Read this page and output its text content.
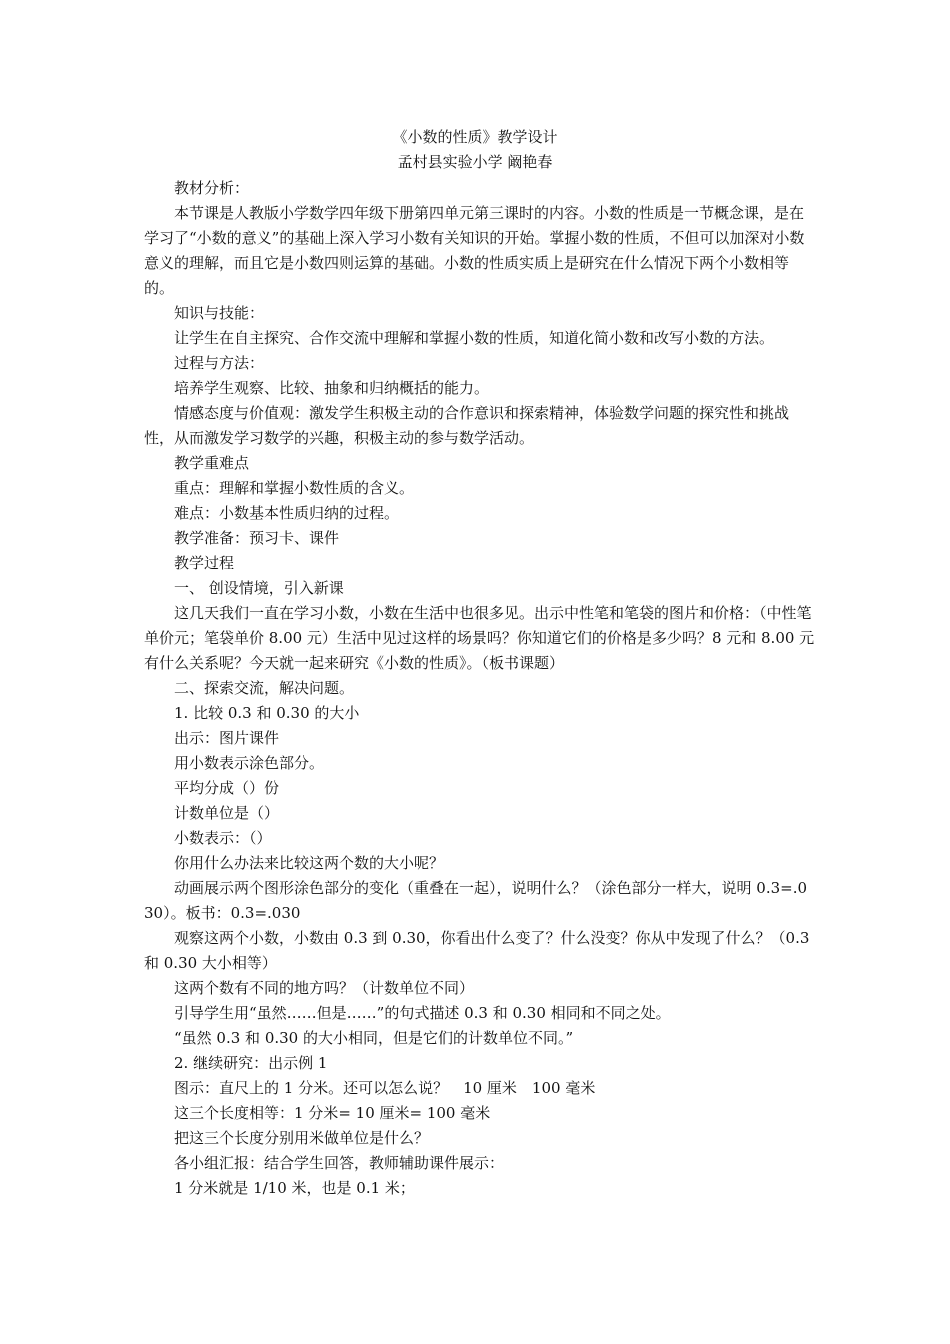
《小数的性质》教学设计
孟村县实验小学 阚艳春

教材分析：

本节课是人教版小学数学四年级下册第四单元第三课时的内容。小数的性质是一节概念课，是在学习了“小数的意义”的基础上深入学习小数有关知识的开始。掌握小数的性质，不但可以加深对小数意义的理解，而且它是小数四则运算的基础。小数的性质实质上是研究在什么情况下两个小数相等的。

知识与技能：

让学生在自主探究、合作交流中理解和掌握小数的性质，知道化简小数和改写小数的方法。

过程与方法：

培养学生观察、比较、抽象和归纳概括的能力。

情感态度与价值观：激发学生积极主动的合作意识和探索精神，体验数学问题的探究性和挑战性，从而激发学习数学的兴趣，积极主动的参与数学活动。

教学重难点

重点：理解和掌握小数性质的含义。

难点：小数基本性质归纳的过程。

教学准备：预习卡、课件

教学过程

一、 创设情境，引入新课

这几天我们一直在学习小数，小数在生活中也很多见。出示中性笔和笔袋的图片和价格：（中性笔单价元；笔袋单价 8.00 元）生活中见过这样的场景吗？你知道它们的价格是多少吗？8 元和 8.00 元有什么关系呢？今天就一起来研究《小数的性质》。（板书课题）

二、探索交流，解决问题。

1. 比较 0.3 和 0.30 的大小

出示：图片课件

用小数表示涂色部分。

平均分成（）份

计数单位是（）

小数表示：（）

你用什么办法来比较这两个数的大小呢？

动画展示两个图形涂色部分的变化（重叠在一起），说明什么？（涂色部分一样大，说明 0.3=.030）。板书：0.3=.030

观察这两个小数，小数由 0.3 到 0.30，你看出什么变了？什么没变？你从中发现了什么？（0.3 和 0.30 大小相等）

这两个数有不同的地方吗？（计数单位不同）

引导学生用“虽然……但是……”的句式描述 0.3 和 0.30 相同和不同之处。

“虽然 0.3 和 0.30 的大小相同，但是它们的计数单位不同。”

2. 继续研究：出示例 1

图示：直尺上的 1 分米。还可以怎么说？　10 厘米　100 毫米

这三个长度相等：1 分米= 10 厘米= 100 毫米

把这三个长度分别用米做单位是什么？

各小组汇报：结合学生回答，教师辅助课件展示：

1 分米就是 1/10 米，也是 0.1 米；
